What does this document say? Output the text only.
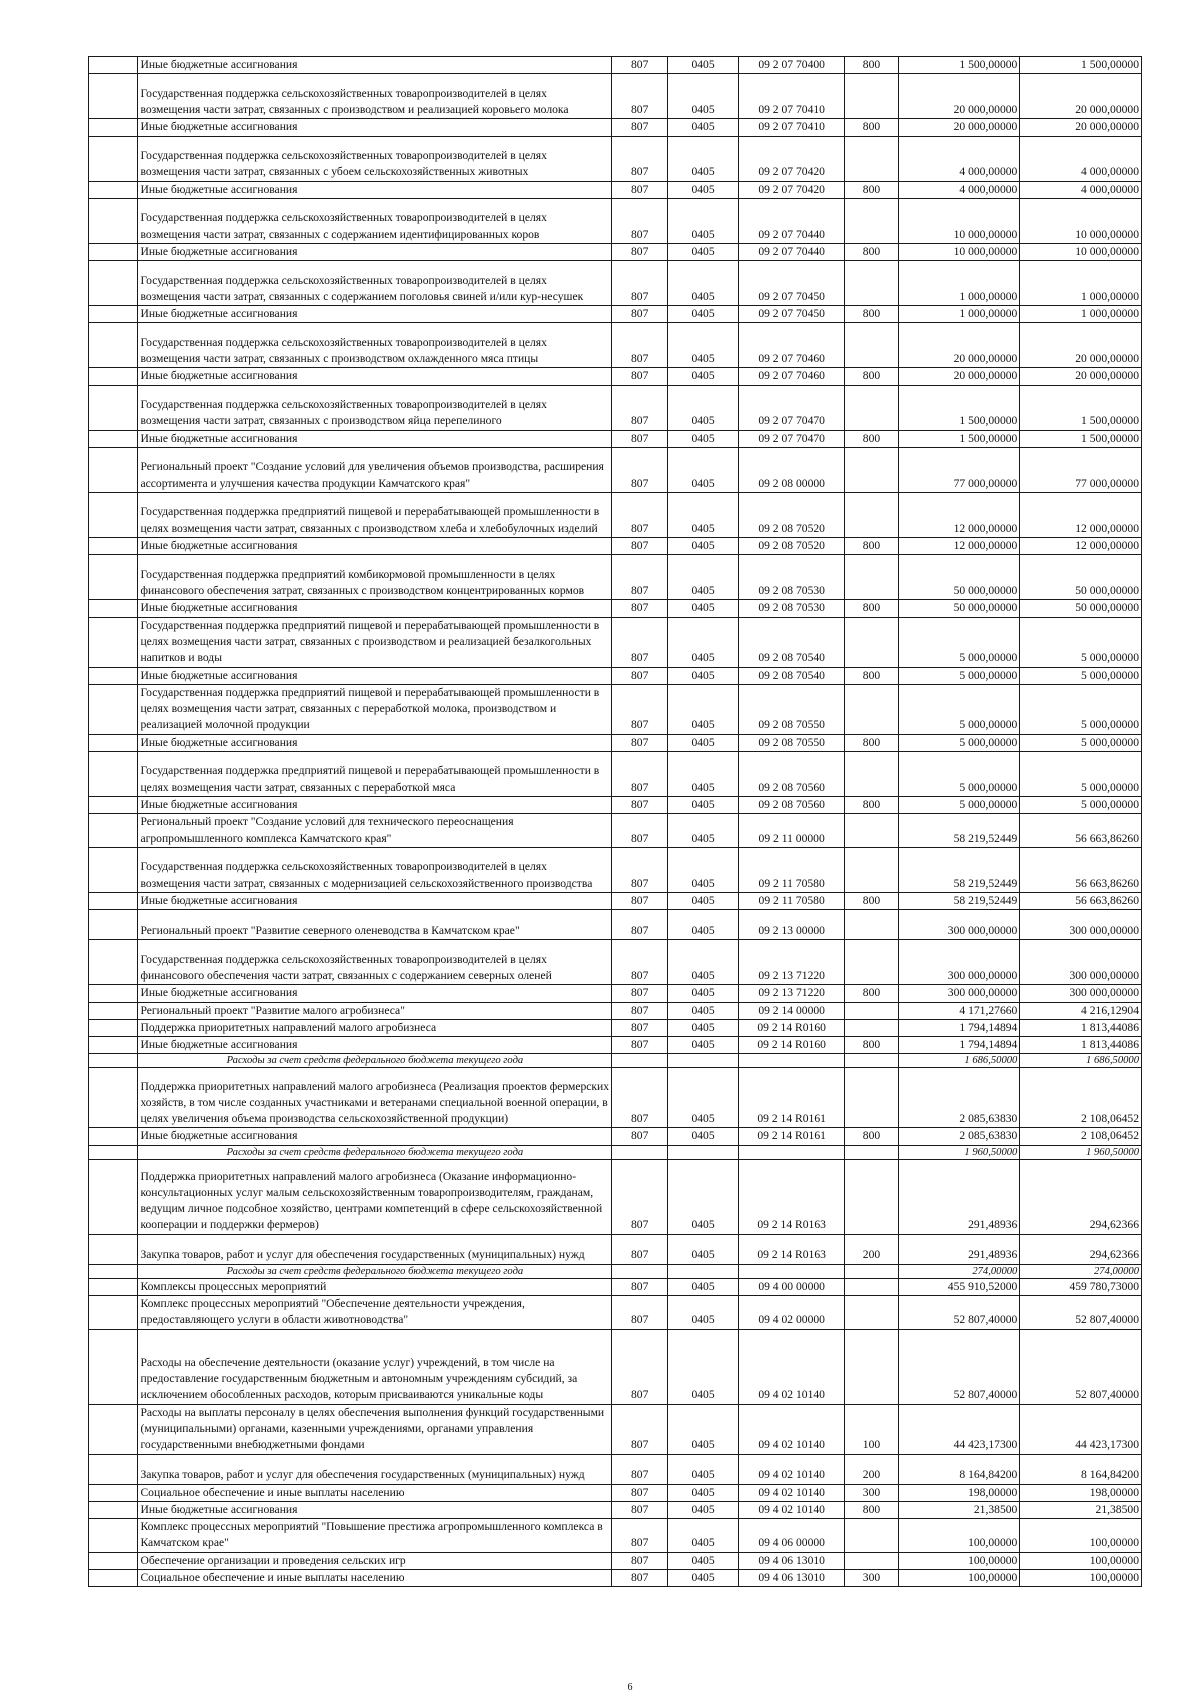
	Иные бюджетные ассигнования	807	0405	09 2 07 70400	800	1 500,00000	1 500,00000
	Государственная поддержка сельскохозяйственных товаропроизводителей в целях возмещения части затрат, связанных с производством и реализацией коровьего молока	807	0405	09 2 07 70410		20 000,00000	20 000,00000
	Иные бюджетные ассигнования	807	0405	09 2 07 70410	800	20 000,00000	20 000,00000
	Государственная поддержка сельскохозяйственных товаропроизводителей в целях возмещения части затрат, связанных с убоем сельскохозяйственных животных	807	0405	09 2 07 70420		4 000,00000	4 000,00000
	Иные бюджетные ассигнования	807	0405	09 2 07 70420	800	4 000,00000	4 000,00000
	Государственная поддержка сельскохозяйственных товаропроизводителей в целях возмещения части затрат, связанных с содержанием идентифицированных коров	807	0405	09 2 07 70440		10 000,00000	10 000,00000
	Иные бюджетные ассигнования	807	0405	09 2 07 70440	800	10 000,00000	10 000,00000
	Государственная поддержка сельскохозяйственных товаропроизводителей в целях возмещения части затрат, связанных с содержанием поголовья свиней и/или кур-несушек	807	0405	09 2 07 70450		1 000,00000	1 000,00000
	Иные бюджетные ассигнования	807	0405	09 2 07 70450	800	1 000,00000	1 000,00000
	Государственная поддержка сельскохозяйственных товаропроизводителей в целях возмещения части затрат, связанных с производством охлажденного мяса птицы	807	0405	09 2 07 70460		20 000,00000	20 000,00000
	Иные бюджетные ассигнования	807	0405	09 2 07 70460	800	20 000,00000	20 000,00000
	Государственная поддержка сельскохозяйственных товаропроизводителей в целях возмещения части затрат, связанных с производством яйца перепелиного	807	0405	09 2 07 70470		1 500,00000	1 500,00000
	Иные бюджетные ассигнования	807	0405	09 2 07 70470	800	1 500,00000	1 500,00000
	Региональный проект "Создание условий для увеличения объемов производства, расширения ассортимента и улучшения качества продукции Камчатского края"	807	0405	09 2 08 00000		77 000,00000	77 000,00000
	Государственная поддержка предприятий пищевой и перерабатывающей промышленности в целях возмещения части затрат, связанных с производством хлеба и хлебобулочных изделий	807	0405	09 2 08 70520		12 000,00000	12 000,00000
	Иные бюджетные ассигнования	807	0405	09 2 08 70520	800	12 000,00000	12 000,00000
	Государственная поддержка предприятий комбикормовой промышленности в целях финансового обеспечения затрат, связанных с производством концентрированных кормов	807	0405	09 2 08 70530		50 000,00000	50 000,00000
	Иные бюджетные ассигнования	807	0405	09 2 08 70530	800	50 000,00000	50 000,00000
	Государственная поддержка предприятий пищевой и перерабатывающей промышленности в целях возмещения части затрат, связанных с производством и реализацией безалкогольных напитков и воды	807	0405	09 2 08 70540		5 000,00000	5 000,00000
	Иные бюджетные ассигнования	807	0405	09 2 08 70540	800	5 000,00000	5 000,00000
	Государственная поддержка предприятий пищевой и перерабатывающей промышленности в целях возмещения части затрат, связанных с переработкой молока, производством и реализацией молочной продукции	807	0405	09 2 08 70550		5 000,00000	5 000,00000
	Иные бюджетные ассигнования	807	0405	09 2 08 70550	800	5 000,00000	5 000,00000
	Государственная поддержка предприятий пищевой и перерабатывающей промышленности в целях возмещения части затрат, связанных с переработкой мяса	807	0405	09 2 08 70560		5 000,00000	5 000,00000
	Иные бюджетные ассигнования	807	0405	09 2 08 70560	800	5 000,00000	5 000,00000
	Региональный проект "Создание условий для технического переоснащения агропромышленного комплекса Камчатского края"	807	0405	09 2 11 00000		58 219,52449	56 663,86260
	Государственная поддержка сельскохозяйственных товаропроизводителей в целях возмещения части затрат, связанных с модернизацией сельскохозяйственного производства	807	0405	09 2 11 70580		58 219,52449	56 663,86260
	Иные бюджетные ассигнования	807	0405	09 2 11 70580	800	58 219,52449	56 663,86260
	Региональный проект "Развитие северного оленеводства в Камчатском крае"	807	0405	09 2 13 00000		300 000,00000	300 000,00000
	Государственная поддержка сельскохозяйственных товаропроизводителей в целях финансового обеспечения части затрат, связанных с содержанием северных оленей	807	0405	09 2 13 71220		300 000,00000	300 000,00000
	Иные бюджетные ассигнования	807	0405	09 2 13 71220	800	300 000,00000	300 000,00000
	Региональный проект "Развитие малого агробизнеса"	807	0405	09 2 14 00000		4 171,27660	4 216,12904
	Поддержка приоритетных направлений малого агробизнеса	807	0405	09 2 14 R0160		1 794,14894	1 813,44086
	Иные бюджетные ассигнования	807	0405	09 2 14 R0160	800	1 794,14894	1 813,44086
	Расходы за счет средств федерального бюджета текущего года					1 686,50000	1 686,50000
	Поддержка приоритетных направлений малого агробизнеса (Реализация проектов фермерских хозяйств, в том числе созданных участниками и ветеранами специальной военной операции, в целях увеличения объема производства сельскохозяйственной продукции)	807	0405	09 2 14 R0161		2 085,63830	2 108,06452
	Иные бюджетные ассигнования	807	0405	09 2 14 R0161	800	2 085,63830	2 108,06452
	Расходы за счет средств федерального бюджета текущего года					1 960,50000	1 960,50000
	Поддержка приоритетных направлений малого агробизнеса (Оказание информационно-консультационных услуг малым сельскохозяйственным товаропроизводителям, гражданам, ведущим личное подсобное хозяйство, центрами компетенций в сфере сельскохозяйственной кооперации и поддержки фермеров)	807	0405	09 2 14 R0163		291,48936	294,62366
	Закупка товаров, работ и услуг для обеспечения государственных (муниципальных) нужд	807	0405	09 2 14 R0163	200	291,48936	294,62366
	Расходы за счет средств федерального бюджета текущего года					274,00000	274,00000
	Комплексы процессных мероприятий	807	0405	09 4 00 00000		455 910,52000	459 780,73000
	Комплекс процессных мероприятий "Обеспечение деятельности учреждения, предоставляющего услуги в области животноводства"	807	0405	09 4 02 00000		52 807,40000	52 807,40000
	Расходы на обеспечение деятельности (оказание услуг) учреждений, в том числе на предоставление государственным бюджетным и автономным учреждениям субсидий, за исключением обособленных расходов, которым присваиваются уникальные коды	807	0405	09 4 02 10140		52 807,40000	52 807,40000
	Расходы на выплаты персоналу в целях обеспечения выполнения функций государственными (муниципальными) органами, казенными учреждениями, органами управления государственными внебюджетными фондами	807	0405	09 4 02 10140	100	44 423,17300	44 423,17300
	Закупка товаров, работ и услуг для обеспечения государственных (муниципальных) нужд	807	0405	09 4 02 10140	200	8 164,84200	8 164,84200
	Социальное обеспечение и иные выплаты населению	807	0405	09 4 02 10140	300	198,00000	198,00000
	Иные бюджетные ассигнования	807	0405	09 4 02 10140	800	21,38500	21,38500
	Комплекс процессных мероприятий "Повышение престижа агропромышленного комплекса в Камчатском крае"	807	0405	09 4 06 00000		100,00000	100,00000
	Обеспечение организации и проведения сельских игр	807	0405	09 4 06 13010		100,00000	100,00000
	Социальное обеспечение и иные выплаты населению	807	0405	09 4 06 13010	300	100,00000	100,00000
6
